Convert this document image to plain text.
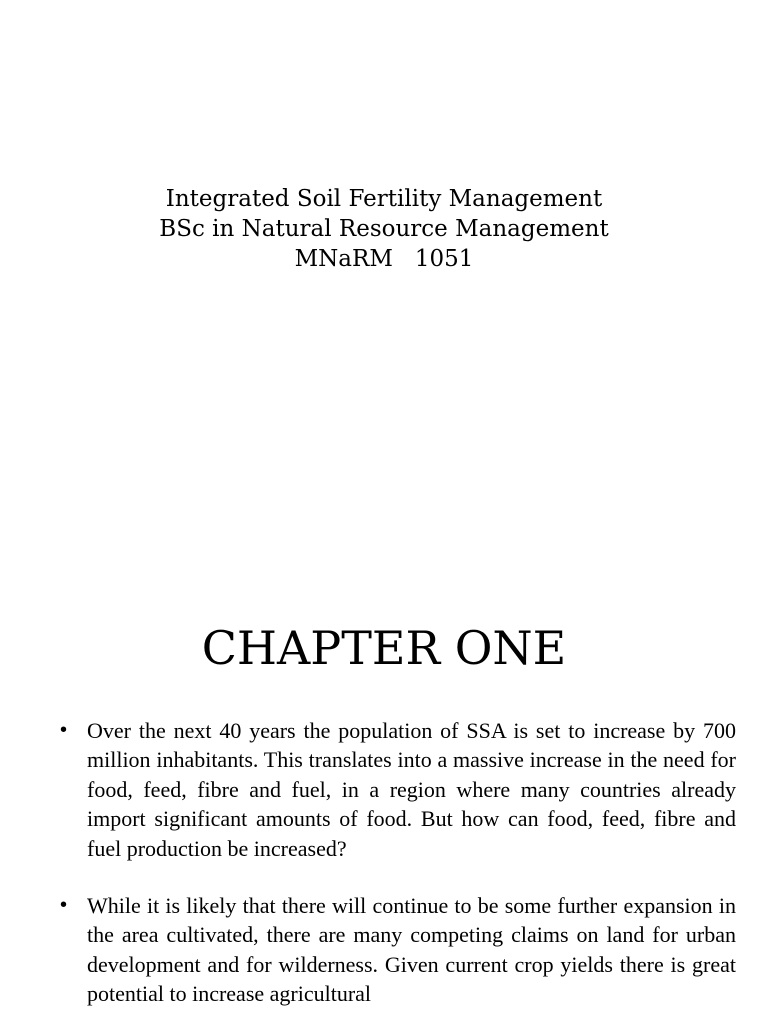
Integrated Soil Fertility Management
BSc in Natural Resource Management
MNaRM   1051
CHAPTER ONE
• Over the next 40 years the population of SSA is set to increase by 700 million inhabitants. This translates into a massive increase in the need for food, feed, fibre and fuel, in a region where many countries already import significant amounts of food. But how can food, feed, fibre and fuel production be increased?
• While it is likely that there will continue to be some further expansion in the area cultivated, there are many competing claims on land for urban development and for wilderness. Given current crop yields there is great potential to increase agricultural
